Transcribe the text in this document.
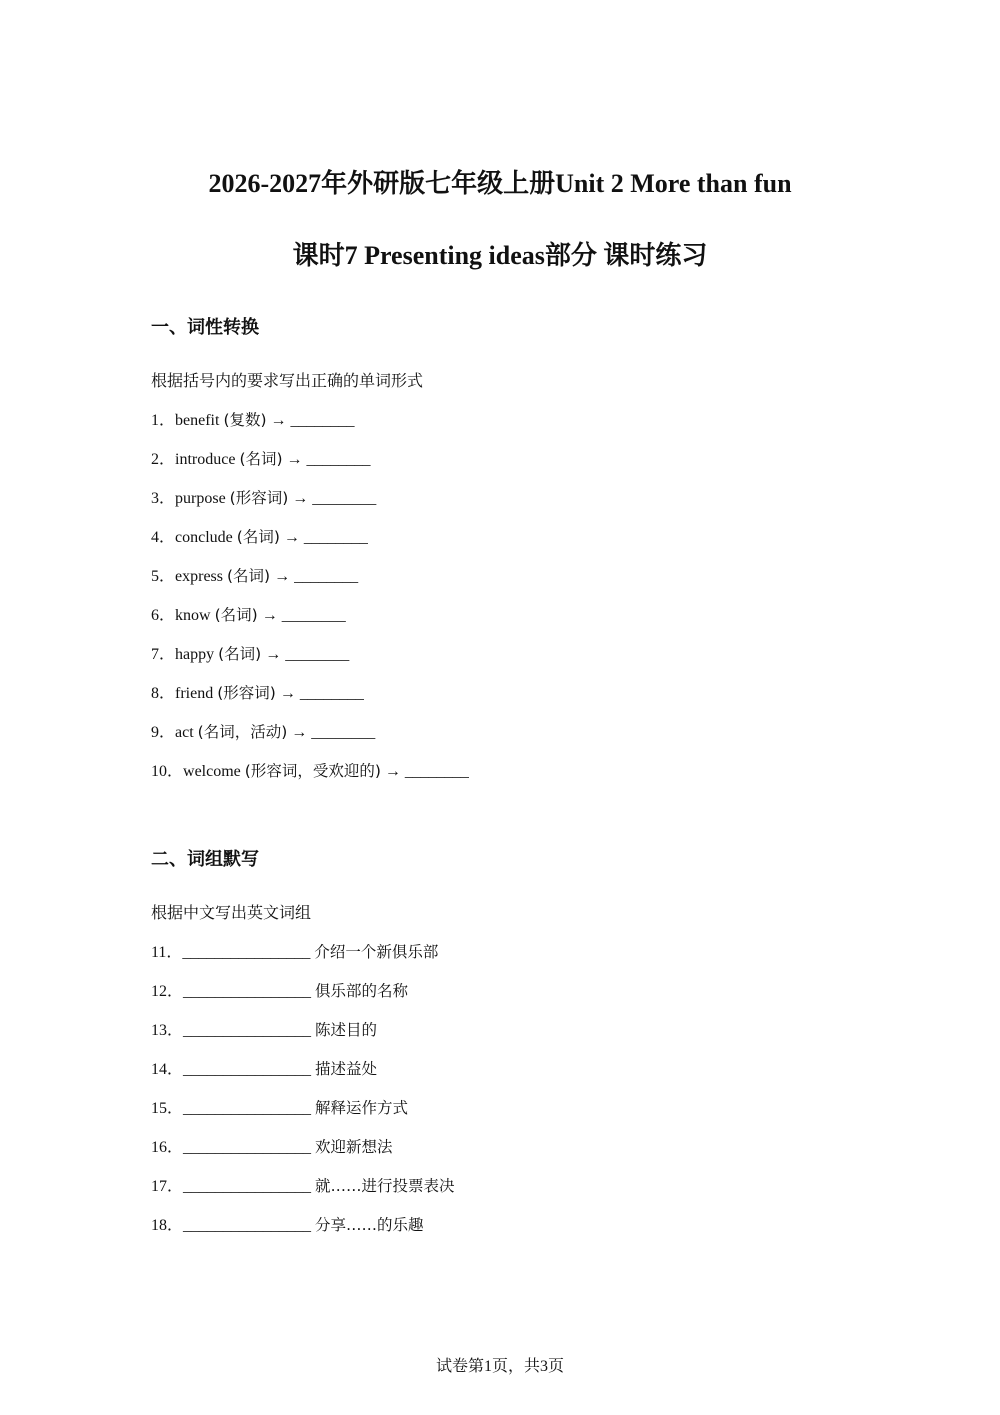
2026-2027年外研版七年级上册Unit 2 More than fun
课时7 Presenting ideas部分 课时练习
一、词性转换
根据括号内的要求写出正确的单词形式
1．benefit (复数) → ________
2．introduce (名词) → ________
3．purpose (形容词) → ________
4．conclude (名词) → ________
5．express (名词) → ________
6．know (名词) → ________
7．happy (名词) → ________
8．friend (形容词) → ________
9．act (名词，活动) → ________
10．welcome (形容词，受欢迎的) → ________
二、词组默写
根据中文写出英文词组
11．________________ 介绍一个新俱乐部
12．________________ 俱乐部的名称
13．________________ 陈述目的
14．________________ 描述益处
15．________________ 解释运作方式
16．________________ 欢迎新想法
17．________________ 就……进行投票表决
18．________________ 分享……的乐趣
试卷第1页，共3页
